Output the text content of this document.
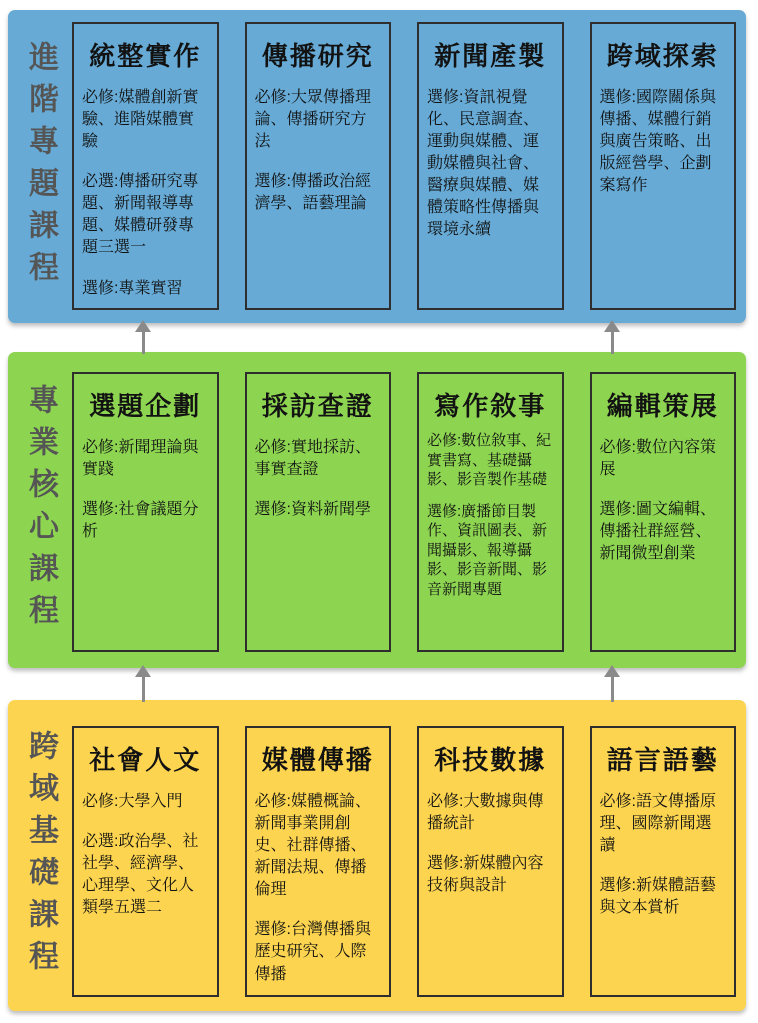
進階專題課程 統整實作

必修:媒體創新實驗、進階媒體實驗

必選:傳播研究專題、新聞報導專題、媒體研發專題三選一

選修:專業實習

傳播研究

必修:大眾傳播理論、傳播研究方法

選修:傳播政治經濟學、語藝理論

新聞產製

選修:資訊視覺化、民意調查、運動與媒體、運動媒體與社會、醫療與媒體、媒體策略性傳播與環境永續

跨域探索

選修:國際關係與傳播、媒體行銷與廣告策略、出版經營學、企劃案寫作

專業核心課程 選題企劃

必修:新聞理論與實踐

選修:社會議題分析

採訪查證

必修:實地採訪、事實查證

選修:資料新聞學

寫作敘事

必修:數位敘事、紀實書寫、基礎攝影、影音製作基礎

選修:廣播節目製作、資訊圖表、新聞攝影、報導攝影、影音新聞、影音新聞專題

編輯策展

必修:數位內容策展

選修:圖文編輯、傳播社群經營、新聞微型創業

跨域基礎課程 社會人文

必修:大學入門

必選:政治學、社社學、經濟學、心理學、文化人類學五選二

媒體傳播

必修:媒體概論、新聞事業開創史、社群傳播、新聞法規、傳播倫理

選修:台灣傳播與歷史研究、人際傳播

科技數據

必修:大數據與傳播統計

選修:新媒體內容技術與設計

語言語藝

必修:語文傳播原理、國際新聞選讀

選修:新媒體語藝與文本賞析
